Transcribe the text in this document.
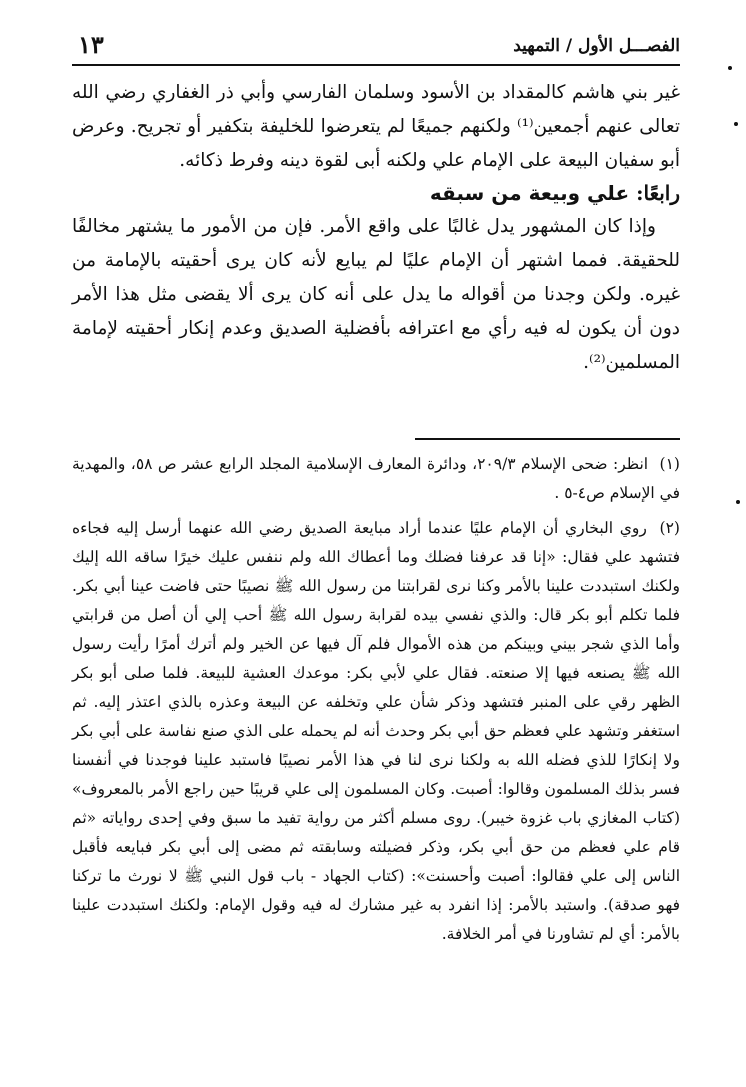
الفصـــل الأول / التمهيد
١٣

غير بني هاشم كالمقداد بن الأسود وسلمان الفارسي وأبي ذر الغفاري رضي الله تعالى عنهم أجمعين⁽¹⁾ ولكنهم جميعًا لم يتعرضوا للخليفة بتكفير أو تجريح. وعرض أبو سفيان البيعة على الإمام علي ولكنه أبى لقوة دينه وفرط ذكائه.

رابعًا: علي وبيعة من سبقه

وإذا كان المشهور يدل غالبًا على واقع الأمر. فإن من الأمور ما يشتهر مخالفًا للحقيقة. فمما اشتهر أن الإمام عليًا لم يبايع لأنه كان يرى أحقيته بالإمامة من غيره. ولكن وجدنا من أقواله ما يدل على أنه كان يرى ألا يقضى مثل هذا الأمر دون أن يكون له فيه رأي مع اعترافه بأفضلية الصديق وعدم إنكار أحقيته لإمامة المسلمين⁽²⁾.

(١) انظر: ضحى الإسلام ٢٠٩/٣، ودائرة المعارف الإسلامية المجلد الرابع عشر ص ٥٨، والمهدية في الإسلام ص٤-٥ .

(٢) روي البخاري أن الإمام عليًا عندما أراد مبايعة الصديق رضي الله عنهما أرسل إليه فجاءه فتشهد علي فقال: «إنا قد عرفنا فضلك وما أعطاك الله ولم ننفس عليك خيرًا ساقه الله إليك ولكنك استبددت علينا بالأمر وكنا نرى لقرابتنا من رسول الله ﷺ نصيبًا حتى فاضت عينا أبي بكر. فلما تكلم أبو بكر قال: والذي نفسي بيده لقرابة رسول الله ﷺ أحب إلي أن أصل من قرابتي وأما الذي شجر بيني وبينكم من هذه الأموال فلم آل فيها عن الخير ولم أترك أمرًا رأيت رسول الله ﷺ يصنعه فيها إلا صنعته. فقال علي لأبي بكر: موعدك العشية للبيعة. فلما صلى أبو بكر الظهر رقي على المنبر فتشهد وذكر شأن علي وتخلفه عن البيعة وعذره بالذي اعتذر إليه. ثم استغفر وتشهد علي فعظم حق أبي بكر وحدث أنه لم يحمله على الذي صنع نفاسة على أبي بكر ولا إنكارًا للذي فضله الله به ولكنا نرى لنا في هذا الأمر نصيبًا فاستبد علينا فوجدنا في أنفسنا فسر بذلك المسلمون وقالوا: أصبت. وكان المسلمون إلى علي قريبًا حين راجع الأمر بالمعروف» (كتاب المغازي باب غزوة خيبر). روى مسلم أكثر من رواية تفيد ما سبق وفي إحدى رواياته «ثم قام علي فعظم من حق أبي بكر، وذكر فضيلته وسابقته ثم مضى إلى أبي بكر فبايعه فأقبل الناس إلى علي فقالوا: أصبت وأحسنت»: (كتاب الجهاد - باب قول النبي ﷺ لا نورث ما تركنا فهو صدقة). واستبد بالأمر: إذا انفرد به غير مشارك له فيه وقول الإمام: ولكنك استبددت علينا بالأمر: أي لم تشاورنا في أمر الخلافة.
